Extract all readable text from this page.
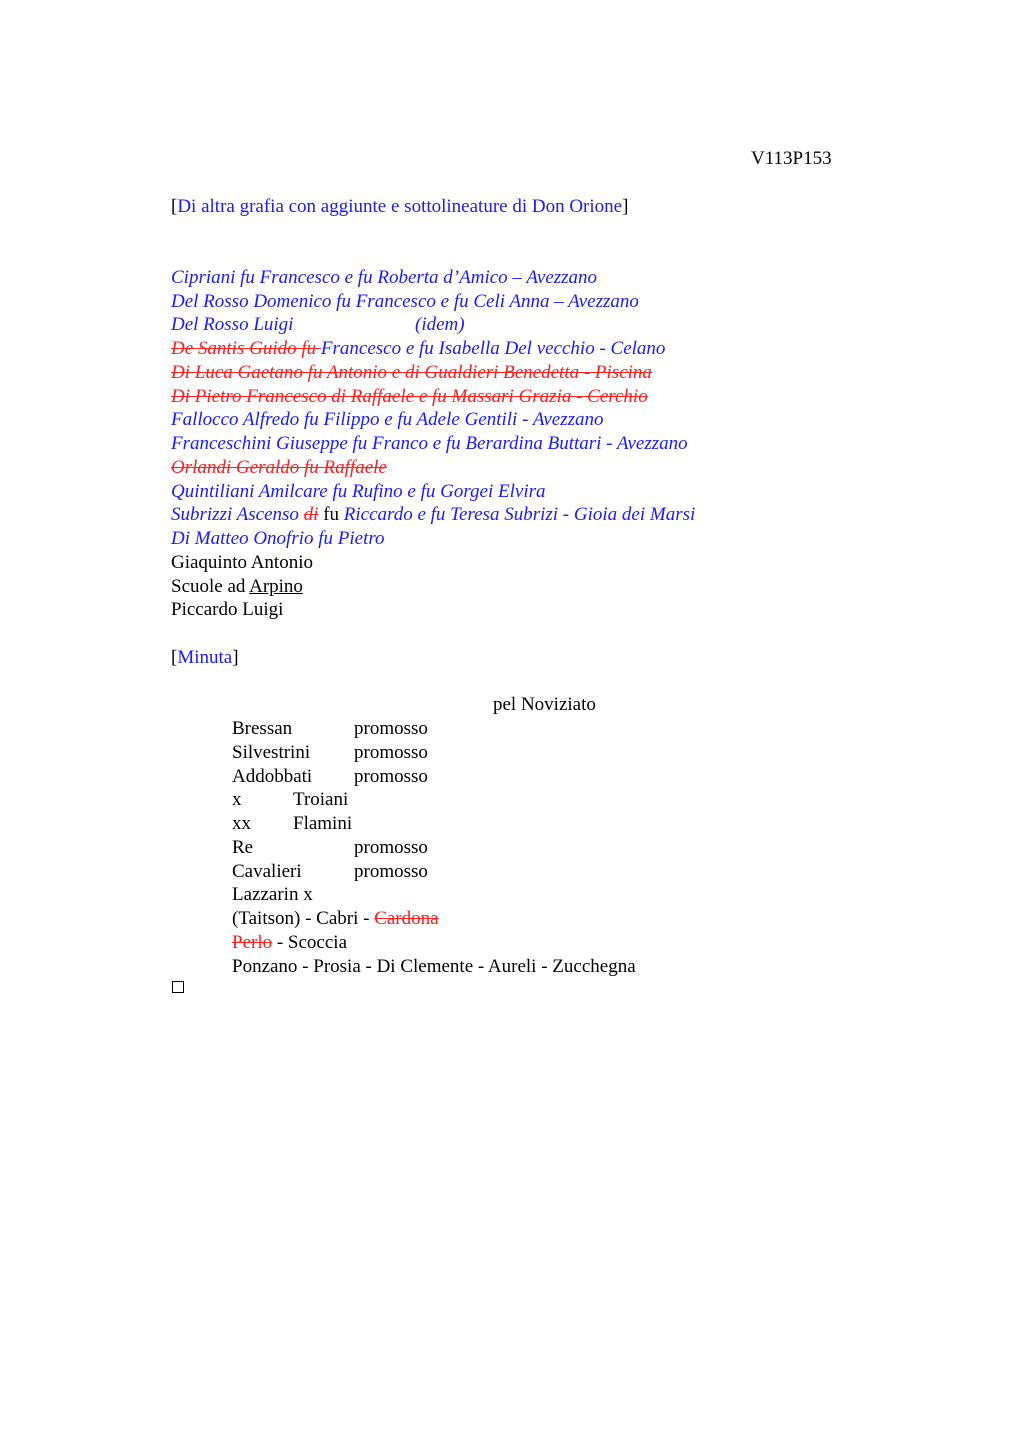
V113P153
[Di altra grafia con aggiunte e sottolineature di Don Orione]
Cipriani fu Francesco e fu Roberta d’Amico – Avezzano
Del Rosso Domenico fu Francesco e fu Celi Anna – Avezzano
Del Rosso Luigi	(idem)
De Santis Guido fu Francesco e fu Isabella Del vecchio - Celano
Di Luca Gaetano fu Antonio e di Gualdieri Benedetta - Piscina
Di Pietro Francesco di Raffaele e fu Massari Grazia - Cerchio
Fallocco Alfredo fu Filippo e fu Adele Gentili - Avezzano
Franceschini Giuseppe fu Franco e fu Berardina Buttari - Avezzano
Orlandi Geraldo fu Raffaele
Quintiliani Amilcare fu Rufino e fu Gorgei Elvira
Subrizzi Ascenso di fu Riccardo e fu Teresa Subrizi - Gioia dei Marsi
Di Matteo Onofrio fu Pietro
Giaquinto Antonio
Scuole ad Arpino
Piccardo Luigi
[Minuta]
pel Noviziato
Bressan	promosso
Silvestrini promosso
Addobbati promosso
x	Troiani
xx Flamini
Re	promosso
Cavalieri	promosso
Lazzarin x
(Taitson) - Cabri - Cardona
Perlo - Scoccia
Ponzano - Prosia - Di Clemente - Aureli - Zucchegna
